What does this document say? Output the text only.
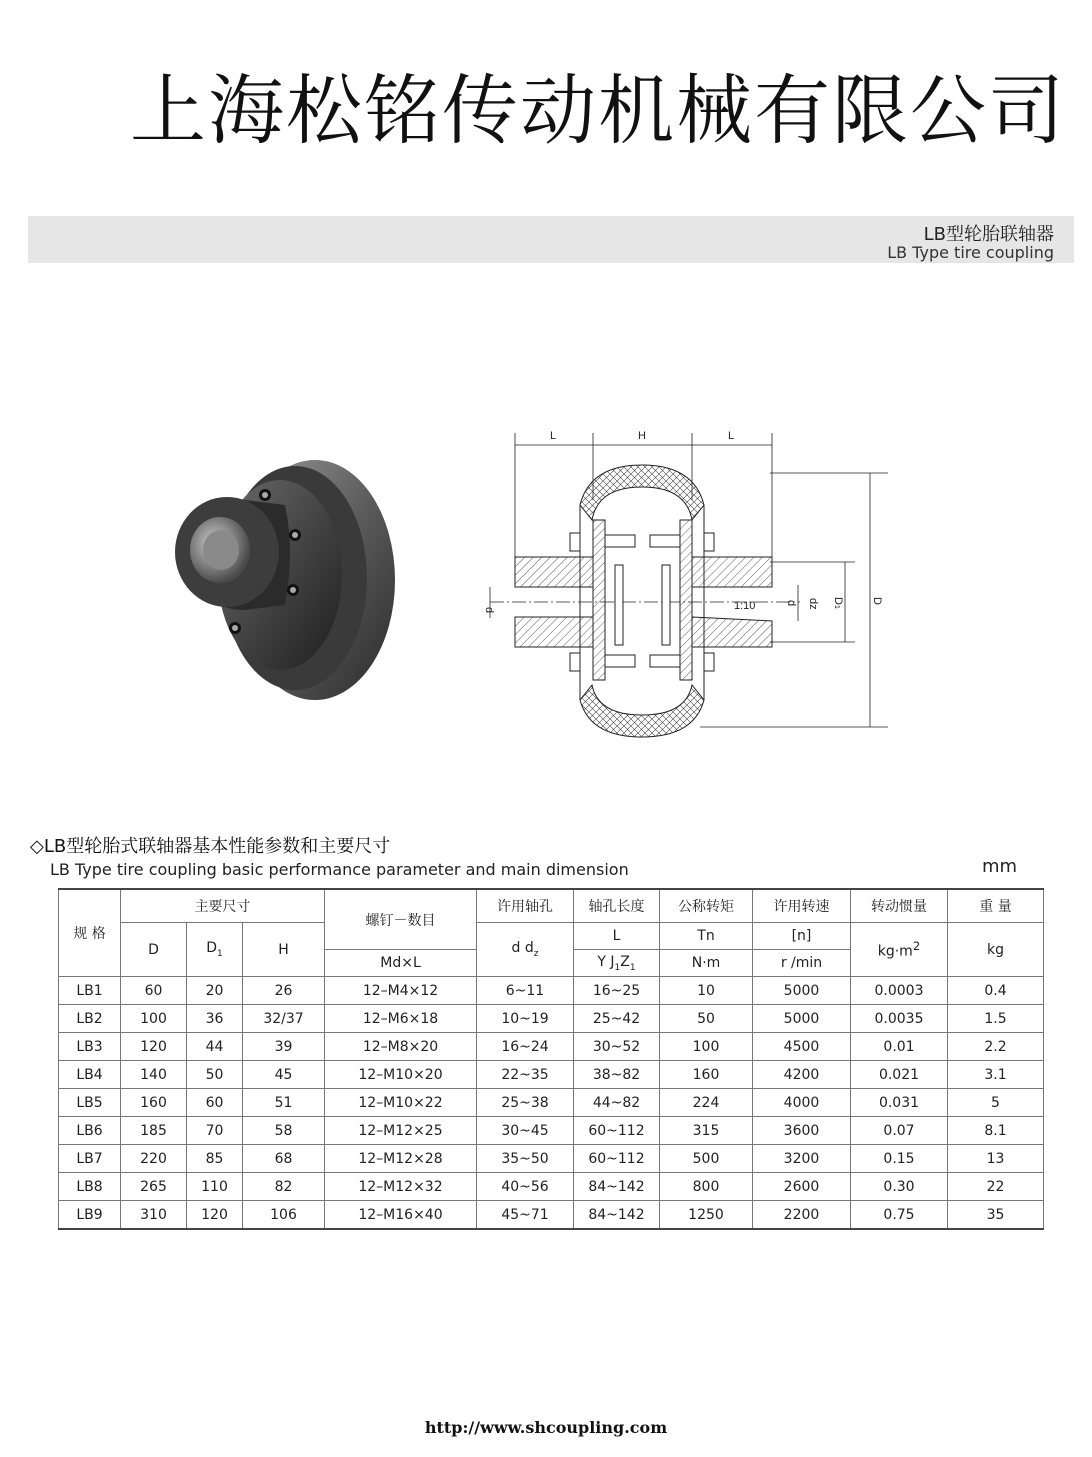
上海松铭传动机械有限公司
LB型轮胎联轴器
LB Type tire coupling
L	H	L
1:10
d
d dz D1
D
◇LB型轮胎式联轴器基本性能参数和主要尺寸
LB Type tire coupling basic performance parameter and main dimension	mm
规 格	主要尺寸			螺钉－数目	许用轴孔	轴孔长度	公称转矩	许用转速	转动惯量	重 量
	D	$D_1$	H		d $d_z$	L	Tn	[n]	$kg\cdot m^2$	kg
				Md×L		Y $J_1Z_1$	N·m	r /min		
LB1	60	20	26	12–M4×12	6~11	16~25	10	5000	0.0003	0.4
LB2	100	36	32/37	12–M6×18	10~19	25~42	50	5000	0.0035	1.5
LB3	120	44	39	12–M8×20	16~24	30~52	100	4500	0.01	2.2
LB4	140	50	45	12–M10×20	22~35	38~82	160	4200	0.021	3.1
LB5	160	60	51	12–M10×22	25~38	44~82	224	4000	0.031	5
LB6	185	70	58	12–M12×25	30~45	60~112	315	3600	0.07	8.1
LB7	220	85	68	12–M12×28	35~50	60~112	500	3200	0.15	13
LB8	265	110	82	12–M12×32	40~56	84~142	800	2600	0.30	22
LB9	310	120	106	12–M16×40	45~71	84~142	1250	2200	0.75	35
http://www.shcoupling.com
